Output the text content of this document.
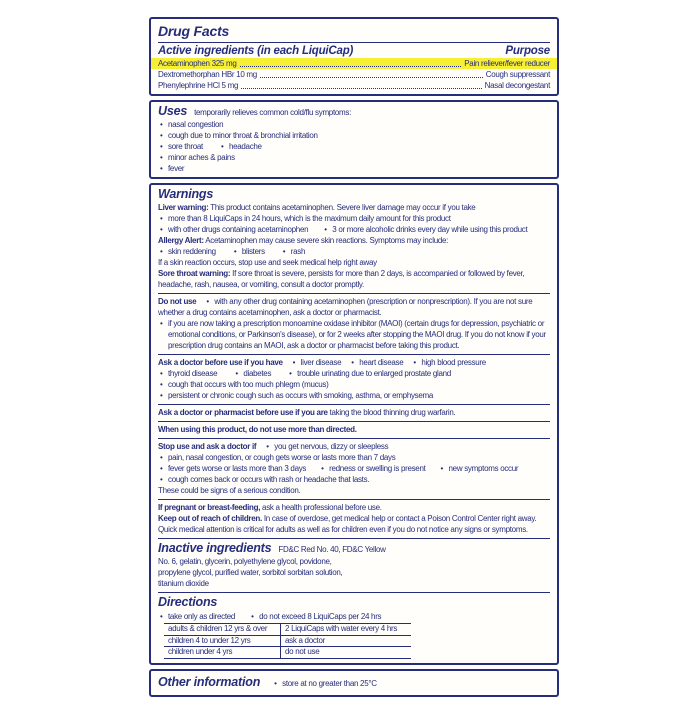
Drug Facts
Active ingredients (in each LiquiCap)	Purpose
Acetaminophen 325 mg	Pain reliever/fever reducer
Dextromethorphan HBr 10 mg	Cough suppressant
Phenylephrine HCl 5 mg	Nasal decongestant
Uses temporarily relieves common cold/flu symptoms:
• nasal congestion
• cough due to minor throat & bronchial irritation
• sore throat	• headache
• minor aches & pains
• fever
Warnings
Liver warning: This product contains acetaminophen. Severe liver damage may occur if you take
• more than 8 LiquiCaps in 24 hours, which is the maximum daily amount for this product
• with other drugs containing acetaminophen	• 3 or more alcoholic drinks every day while using this product
Allergy Alert: Acetaminophen may cause severe skin reactions. Symptoms may include:
• skin reddening	• blisters	• rash
If a skin reaction occurs, stop use and seek medical help right away
Sore throat warning: If sore throat is severe, persists for more than 2 days, is accompanied or followed by fever, headache, rash, nausea, or vomiting, consult a doctor promptly.
Do not use • with any other drug containing acetaminophen (prescription or nonprescription). If you are not sure whether a drug contains acetaminophen, ask a doctor or pharmacist.
• if you are now taking a prescription monoamine oxidase inhibitor (MAOI) (certain drugs for depression, psychiatric or emotional conditions, or Parkinson's disease), or for 2 weeks after stopping the MAOI drug. If you do not know if your prescription drug contains an MAOI, ask a doctor or pharmacist before taking this product.
Ask a doctor before use if you have • liver disease • heart disease • high blood pressure
• thyroid disease	• diabetes	• trouble urinating due to enlarged prostate gland
• cough that occurs with too much phlegm (mucus)
• persistent or chronic cough such as occurs with smoking, asthma, or emphysema
Ask a doctor or pharmacist before use if you are taking the blood thinning drug warfarin.
When using this product, do not use more than directed.
Stop use and ask a doctor if • you get nervous, dizzy or sleepless
• pain, nasal congestion, or cough gets worse or lasts more than 7 days
• fever gets worse or lasts more than 3 days	• redness or swelling is present	• new symptoms occur
• cough comes back or occurs with rash or headache that lasts.
These could be signs of a serious condition.
If pregnant or breast-feeding, ask a health professional before use.
Keep out of reach of children. In case of overdose, get medical help or contact a Poison Control Center right away. Quick medical attention is critical for adults as well as for children even if you do not notice any signs or symptoms.
Inactive ingredients FD&C Red No. 40, FD&C Yellow
No. 6, gelatin, glycerin, polyethylene glycol, povidone,
propylene glycol, purified water, sorbitol sorbitan solution,
titanium dioxide
Directions
• take only as directed	• do not exceed 8 LiquiCaps per 24 hrs
adults & children 12 yrs & over	2 LiquiCaps with water every 4 hrs
children 4 to under 12 yrs	ask a doctor
children under 4 yrs	do not use
Other information	• store at no greater than 25°C
